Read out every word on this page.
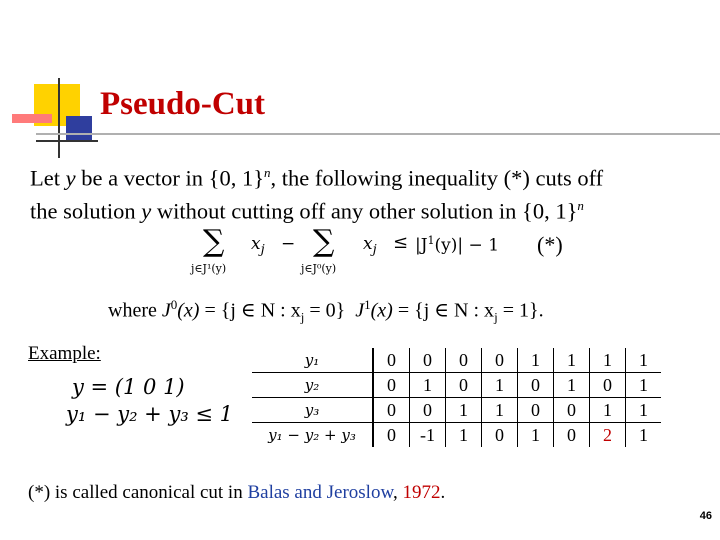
Pseudo-Cut
Let y be a vector in {0, 1}$^n$, the following inequality (*) cuts off
the solution y without cutting off any other solution in {0, 1}$^n$
∑
j∈J¹(y)
$x_j$ − ∑
j∈J⁰(y)
$x_j \le |J^1(y)| - 1$ (*)
where $J^0(x) = \{j$ ∈ N : $x_j = 0$} $J^1(x) = \{j$ ∈ N : $x_j = 1$}.
Example:
y = (1 0 1)
y₁ − y₂ + y₃ ≤ 1
y₁	0	0	0	0	1	1	1	1
y₂	0	1	0	1	0	1	0	1
y₃	0	0	1	1	0	0	1	1
y₁ − y₂ + y₃	0	-1	1	0	1	0	2	1
(*) is called canonical cut in Balas and Jeroslow, 1972.
46
